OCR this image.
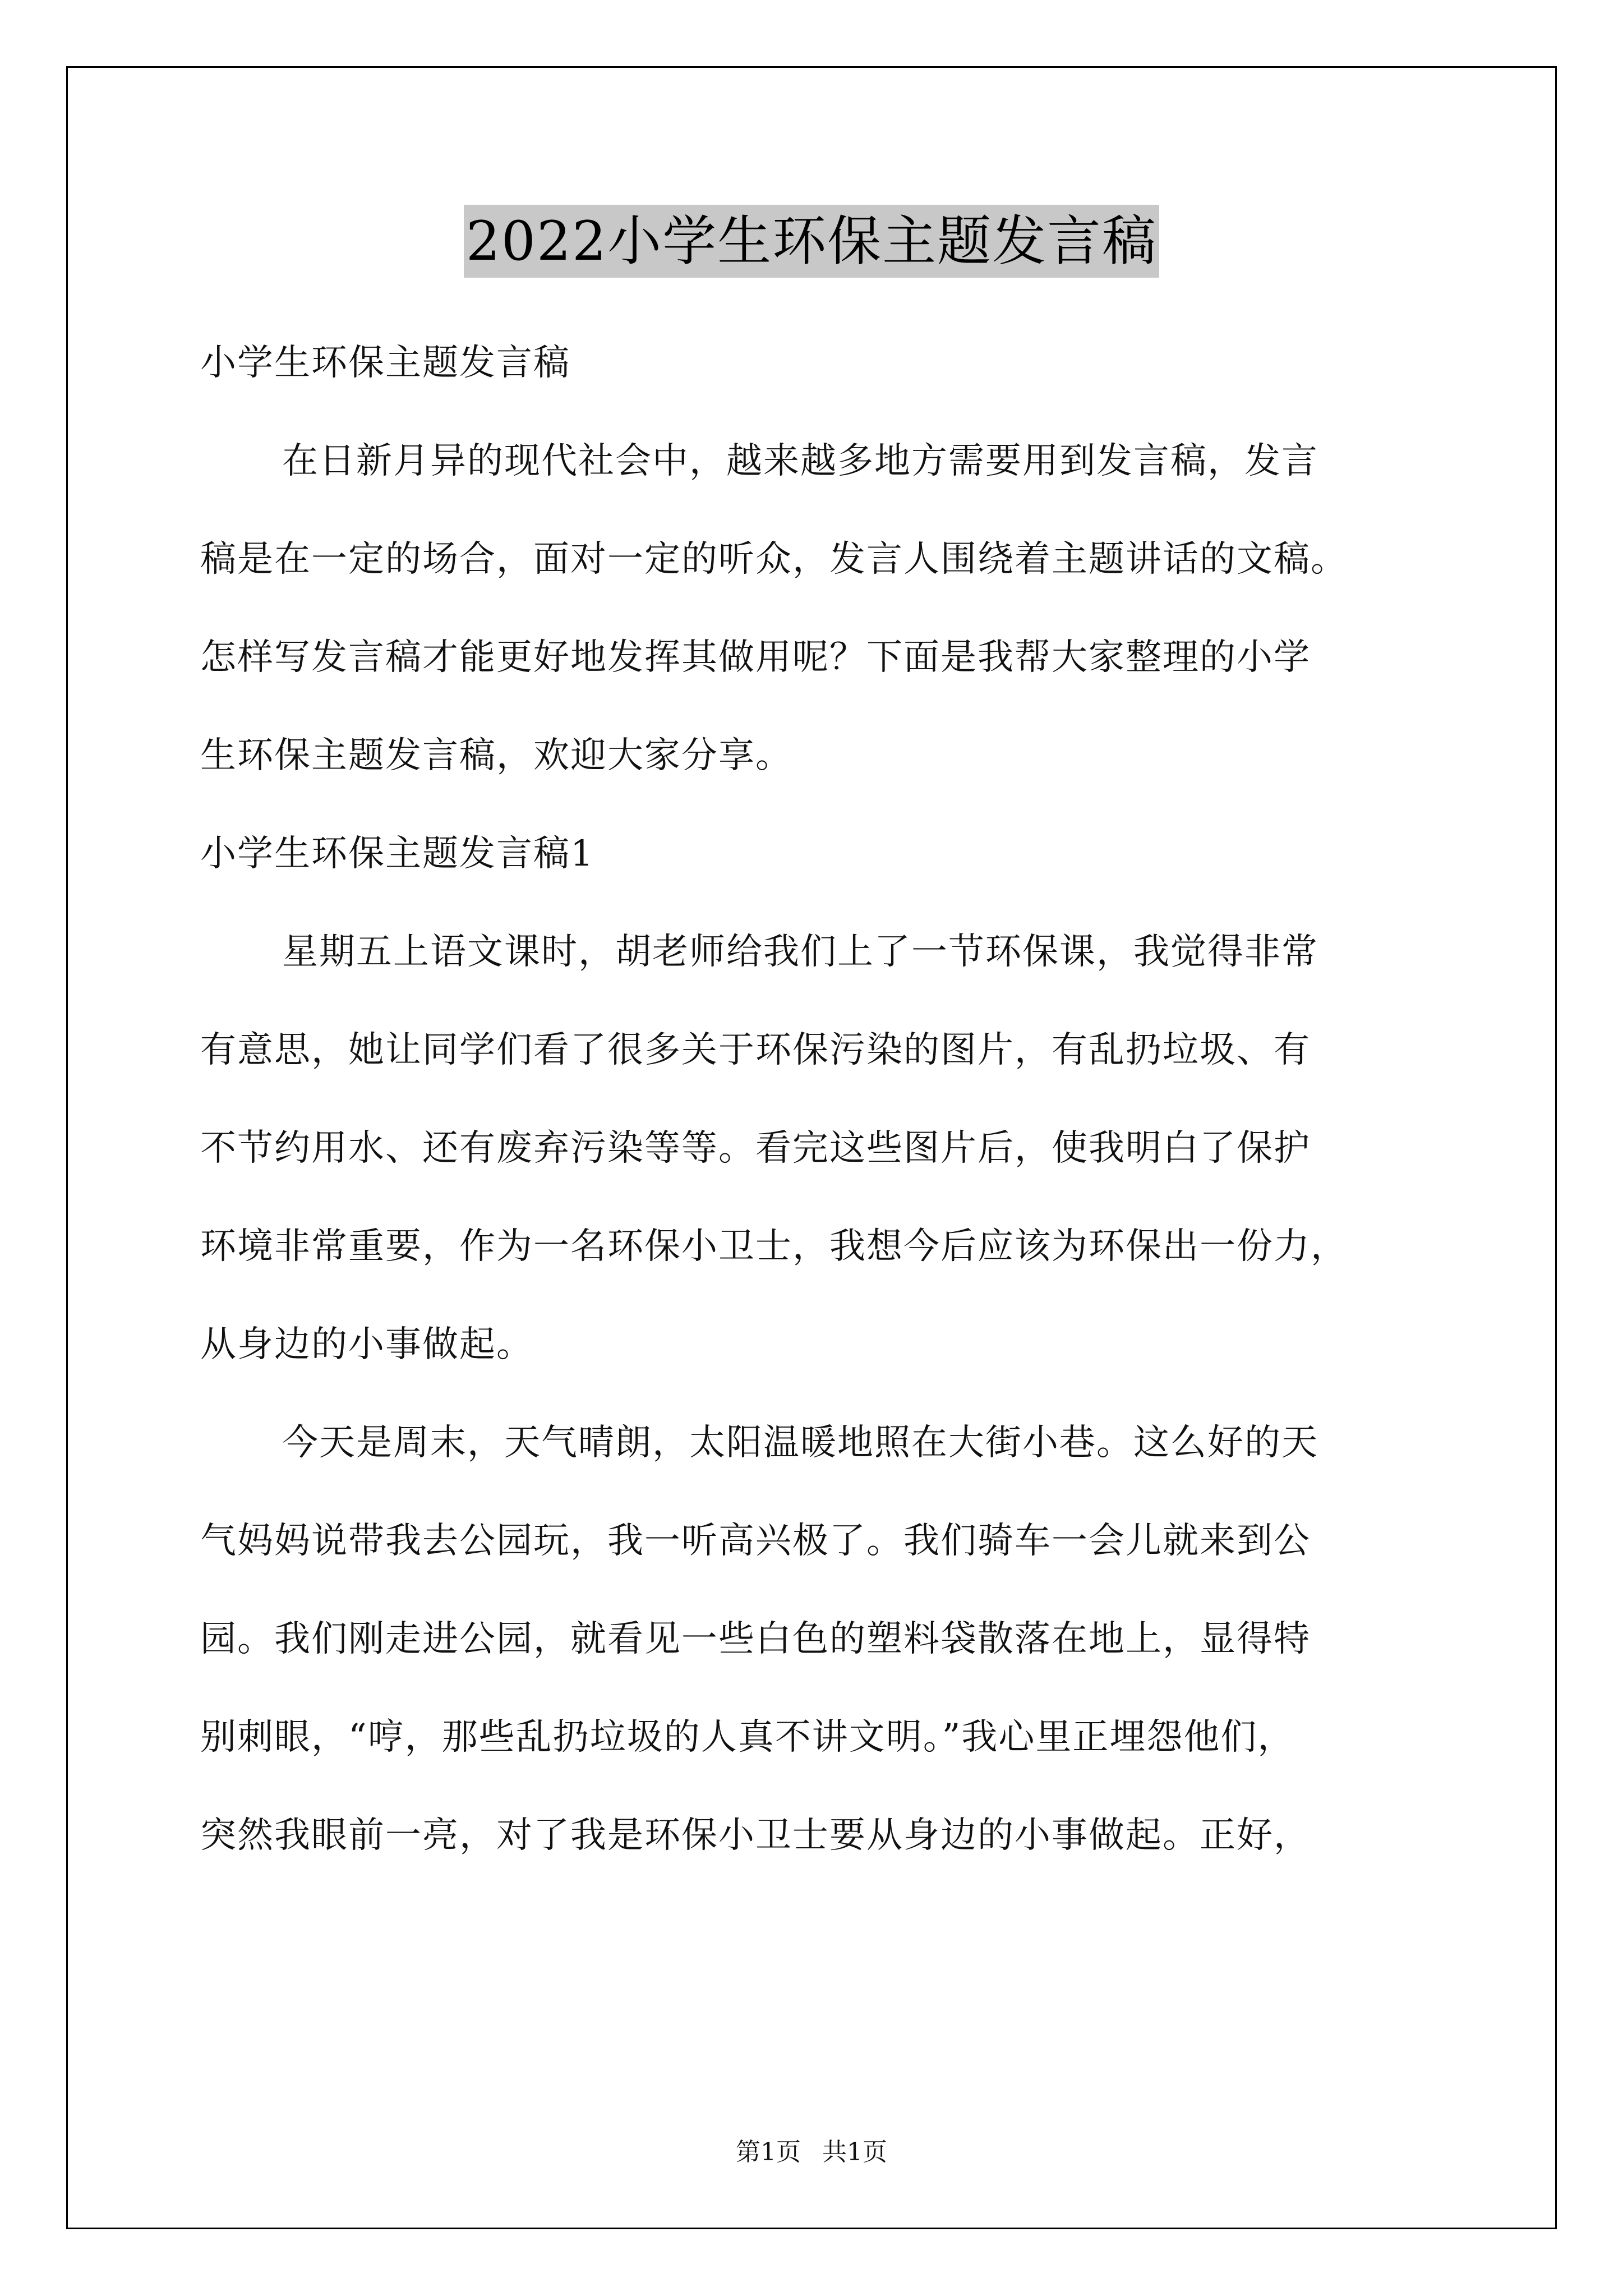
2022小学生环保主题发言稿
小学生环保主题发言稿
在日新月异的现代社会中，越来越多地方需要用到发言稿，发言
稿是在一定的场合，面对一定的听众，发言人围绕着主题讲话的文稿。
怎样写发言稿才能更好地发挥其做用呢？下面是我帮大家整理的小学
生环保主题发言稿，欢迎大家分享。
小学生环保主题发言稿1
星期五上语文课时，胡老师给我们上了一节环保课，我觉得非常
有意思，她让同学们看了很多关于环保污染的图片，有乱扔垃圾、有
不节约用水、还有废弃污染等等。看完这些图片后，使我明白了保护
环境非常重要，作为一名环保小卫士，我想今后应该为环保出一份力，
从身边的小事做起。
今天是周末，天气晴朗，太阳温暖地照在大街小巷。这么好的天
气妈妈说带我去公园玩，我一听高兴极了。我们骑车一会儿就来到公
园。我们刚走进公园，就看见一些白色的塑料袋散落在地上，显得特
别刺眼，“哼，那些乱扔垃圾的人真不讲文明。”我心里正埋怨他们，
突然我眼前一亮，对了我是环保小卫士要从身边的小事做起。正好，
第1页 共1页
